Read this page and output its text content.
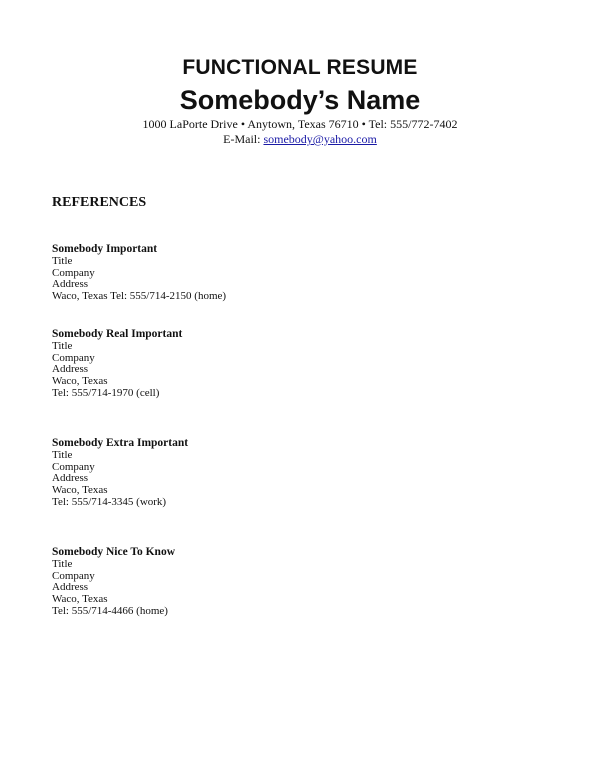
FUNCTIONAL RESUME

Somebody’s Name

1000 LaPorte Drive • Anytown, Texas 76710 • Tel: 555/772-7402

E-Mail: somebody@yahoo.com

REFERENCES

Somebody Important

Title

Company

Address

Waco, Texas Tel: 555/714-2150 (home)

Somebody Real Important

Title

Company

Address

Waco, Texas

Tel: 555/714-1970 (cell)

Somebody Extra Important

Title

Company

Address

Waco, Texas

Tel: 555/714-3345 (work)

Somebody Nice To Know

Title

Company

Address

Waco, Texas

Tel: 555/714-4466 (home)
